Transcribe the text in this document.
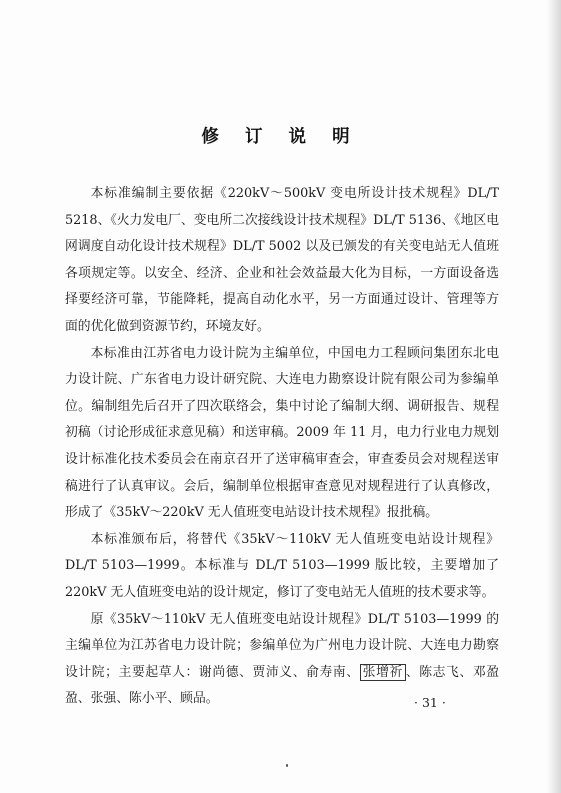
修 订 说 明

本标准编制主要依据《220kV～500kV 变电所设计技术规程》DL/T 5218、《火力发电厂、变电所二次接线设计技术规程》DL/T 5136、《地区电网调度自动化设计技术规程》DL/T 5002 以及已颁发的有关变电站无人值班各项规定等。以安全、经济、企业和社会效益最大化为目标，一方面设备选择要经济可靠，节能降耗，提高自动化水平，另一方面通过设计、管理等方面的优化做到资源节约，环境友好。

本标准由江苏省电力设计院为主编单位，中国电力工程顾问集团东北电力设计院、广东省电力设计研究院、大连电力勘察设计院有限公司为参编单位。编制组先后召开了四次联络会，集中讨论了编制大纲、调研报告、规程初稿（讨论形成征求意见稿）和送审稿。2009 年 11 月，电力行业电力规划设计标准化技术委员会在南京召开了送审稿审查会，审查委员会对规程送审稿进行了认真审议。会后，编制单位根据审查意见对规程进行了认真修改，形成了《35kV～220kV 无人值班变电站设计技术规程》报批稿。

本标准颁布后，将替代《35kV～110kV 无人值班变电站设计规程》DL/T 5103—1999。本标准与 DL/T 5103—1999 版比较，主要增加了 220kV 无人值班变电站的设计规定，修订了变电站无人值班的技术要求等。

原《35kV～110kV 无人值班变电站设计规程》DL/T 5103—1999 的主编单位为江苏省电力设计院；参编单位为广州电力设计院、大连电力勘察设计院；主要起草人：谢尚德、贾沛义、俞寿南、 张增祈 、陈志飞、邓盈盈、张强、陈小平、顾品。	· 31 ·
